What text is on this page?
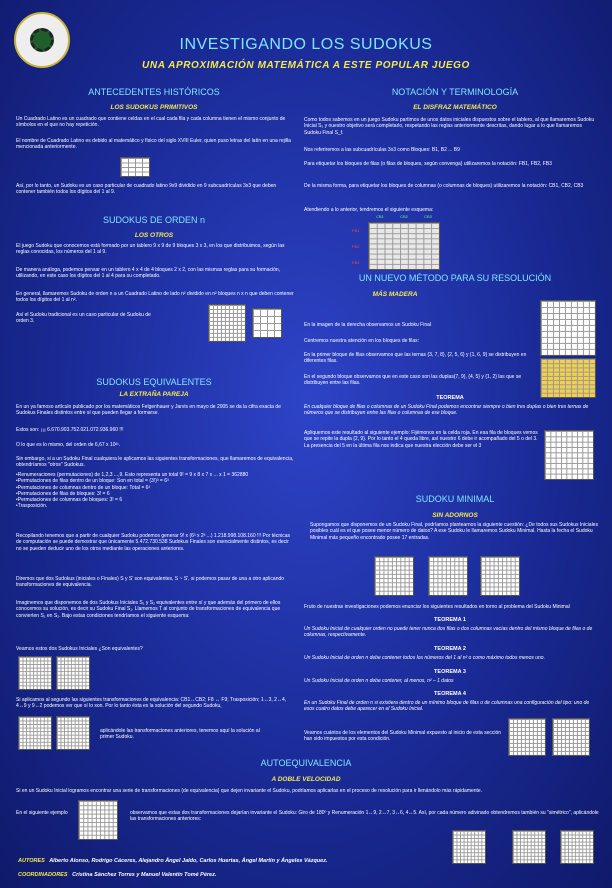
INVESTIGANDO LOS SUDOKUS
UNA APROXIMACIÓN MATEMÁTICA A ESTE POPULAR JUEGO
ANTECEDENTES HISTÓRICOS
LOS SUDOKUS PRIMITIVOS
Un Cuadrado Latino es un cuadrado que contiene celdas en el cual cada fila y cada columna tienen el mismo conjunto de símbolos en el que no hay repetición.
El nombre de Cuadrado Latino es debido al matemático y físico del siglo XVIII Euler, quien puso letras del latín en una rejilla mencionada anteriormente.
Así, por lo tanto, un Sudoku es un caso particular de cuadrado latino 9x9 dividido en 9 subcuadrículas 3x3 que deben contener también todos los dígitos del 1 al 9.
SUDOKUS DE ORDEN n
LOS OTROS
El juego Sudoku que conocemos está formado por un tablero 9 x 9 de 9 bloques 3 x 3, en los que distribuimos, según las reglas conocidas, los números del 1 al 9.
De manera análoga, podemos pensar en un tablero 4 x 4 de 4 bloques 2 x 2, con las mismas reglas para su formación, utilizando, en este caso los dígitos del 1 al 4 para su completado.
En general, llamaremos Sudoku de orden n a un Cuadrado Latino de lado n² dividido en n² bloques n x n que deben contener todos los dígitos del 1 al n².
Así el Sudoku tradicional es un caso particular de Sudoku de orden 3.
SUDOKUS EQUIVALENTES
LA EXTRAÑA PAREJA
En un ya famoso artículo publicado por los matemáticos Felgenhauer y Jarvis en mayo de 2005 se da la cifra exacta de Sudokus Finales distintos entre sí que pueden llegar a formarse.
Estos son: ¡¡¡ 6.670.903.752.021.072.936.960 !!!
O lo que es lo mismo, del orden de 6,67 x 10²¹.
Sin embargo, si a un Sudoku Final cualquiera le aplicamos las siguientes transformaciones, que llamaremos de equivalencia, obtendríamos "otros" Sudokus.
•Renumeraciones (permutaciones) de 1,2,3 ...,9. Esto representa un total 9! = 9 x 8 x 7 x ... x 1 = 362880
•Permutaciones de filas dentro de un bloque: Son en total = (3!)³ = 6³
•Permutaciones de columnas dentro de un bloque: Total = 6³
•Permutaciones de filas de bloques: 3! = 6
•Permutaciones de columnas de bloques: 3! = 6
•Trasposición.
Recopilando tenemos que a partir de cualquier Sudoku podemos generar 9! x (6³ x 2³ ...) 1.218.998.108.160 !!! Por técnicas de computación se puede demostrar que únicamente 5.472.730.538 Sudokus Finales son esencialmente distintos, es decir no se pueden deducir uno de los otros mediante las operaciones anteriores.
Diremos que dos Sudokus (iniciales o Finales) S y S' son equivalentes, S ~ S', si podemos pasar de una a otro aplicando transformaciones de equivalencia.
Imaginemos que disponemos de dos Sudokus Iniciales S₁ y S₂ equivalentes entre sí y que además del primero de ellos conocemos su solución, es decir su Sudoku Final S₁. Llamemos T al conjunto de transformaciones de equivalencia que convierten S₁ en S₂. Bajo estas condiciones tendríamos el siguiente esquema:
Veamos estos dos Sudokus Iniciales ¿Son equivalentes?
Si aplicamos al segundo las siguientes transformaciones de equivalencia: CB1↔CB2; F8 ↔ F9; Trasposición; 1↔3, 2↔4, 4↔9 y 9↔2 podemos ver que sí lo son. Por lo tanto ésta es la solución del segundo Sudoku,
aplicándole las transformaciones anteriores, tenemos aquí la solución al primer Sudoku.
NOTACIÓN Y TERMINOLOGÍA
EL DISFRAZ MATEMÁTICO
Como todos sabemos en un juego Sudoku partimos de unos datos iniciales dispuestos sobre el tablero, al que llamaremos Sudoku Inicial S₁ y nuestro objetivo será completarlo, respetando las reglas anteriormente descritas, dando lugar a lo que llamaremos Sudoku Final S_f.
Nos referiremos a las subcuadrículas 3x3 como Bloques: B1, B2 ... B9
Para etiquetar los bloques de filas (o filas de bloques, según convenga) utilizaremos la notación: FB1, FB2, FB3
De la misma forma, para etiquetar los bloques de columnas (o columnas de bloques) utilizaremos la notación: CB1, CB2, CB3
Atendiendo a lo anterior, tendremos el siguiente esquema:
CB1	CB2	CB3
FB1
FB2
FB3
UN NUEVO MÉTODO PARA SU RESOLUCIÓN
MÁS MADERA
En la imagen de la derecha observamos un Sudoku Final
Centremos nuestra atención en los bloques de filas:
En la primer bloque de filas observamos que las ternas {3, 7, 8}, {2, 5, 6} y {1, 6, 9} se distribuyen en diferentes filas.
En el segundo bloque observamos que en este caso son las duplas{7, 9}, {4, 5} y {1, 2} las que se distribuyen entre las filas.
TEOREMA
En cualquier bloque de filas o columnas de un Sudoku Final podemos encontrar siempre o bien tres duplas o bien tres ternas de números que se distribuyen entre las filas o columnas de ese bloque.
Apliquemos este resultado al siguiente ejemplo: Fijémonos en la celda roja. En esa fila de bloques vemos que se repite la dupla {2, 9}. Por lo tanto el 4 queda libre, así nuestro 6 debe ir acompañado del 5 o del 3. La presencia del 5 en la última fila nos indica que nuestra elección debe ser el 3
SUDOKU MINIMAL
SIN ADORNOS
Supongamos que disponemos de un Sudoku Final, podríamos plantearnos la siguiente cuestión: ¿De todos sus Sudokus Iniciales posibles cuál es el que posee menor número de datos? A ese Sudoku le llamaremos Sudoku Minimal. Hasta la fecha el Sudoku Minimal más pequeño encontrado posee 17 entradas.
Fruto de nuestras investigaciones podemos enunciar los siguientes resultados en torno al problema del Sudoku Minimal
TEOREMA 1
Un Sudoku Inicial de cualquier orden no puede tener nunca dos filas o dos columnas vacías dentro del mismo bloque de filas o de columnas, respectivamente.
TEOREMA 2
Un Sudoku Inicial de orden n debe contener todos los números del 1 al n² o como máximo todos menos uno.
TEOREMA 3
Un Sudoku Inicial de orden n debe contener, al menos, n² – 1 datos
TEOREMA 4
En un Sudoku Final de orden n si existiera dentro de un mínimo bloque de filas o de columnas una configuración del tipo: uno de esos cuatro datos debe aparecer en el Sudoku Inicial.
Veamos cuántos de los elementos del Sudoku Minimal expuesto al inicio de esta sección han sido impuestos por esta condición.
AUTOEQUIVALENCIA
A DOBLE VELOCIDAD
Si en un Sudoku Inicial logramos encontrar una serie de transformaciones (de equivalencia) que dejen invariante el Sudoku, podríamos aplicarlas en el proceso de resolución para ir llenándolo más rápidamente.
En el siguiente ejemplo	observamos que estas dos transformaciones dejarían invariante el Sudoku: Giro de 180º y Renumeración 1↔9, 2↔7, 3↔6, 4↔5. Así, por cada número adivinado obtendremos también su "simétrico", aplicándole las transformaciones anteriores:
AUTORES Alberto Alonso, Rodrigo Cáceres, Alejandro Ángel Jaldo, Carlos Huertas, Ángel Martín y Ángeles Vázquez.
COORDINADORES Cristina Sánchez Torres y Manuel Valentín Tomé Pérez.
